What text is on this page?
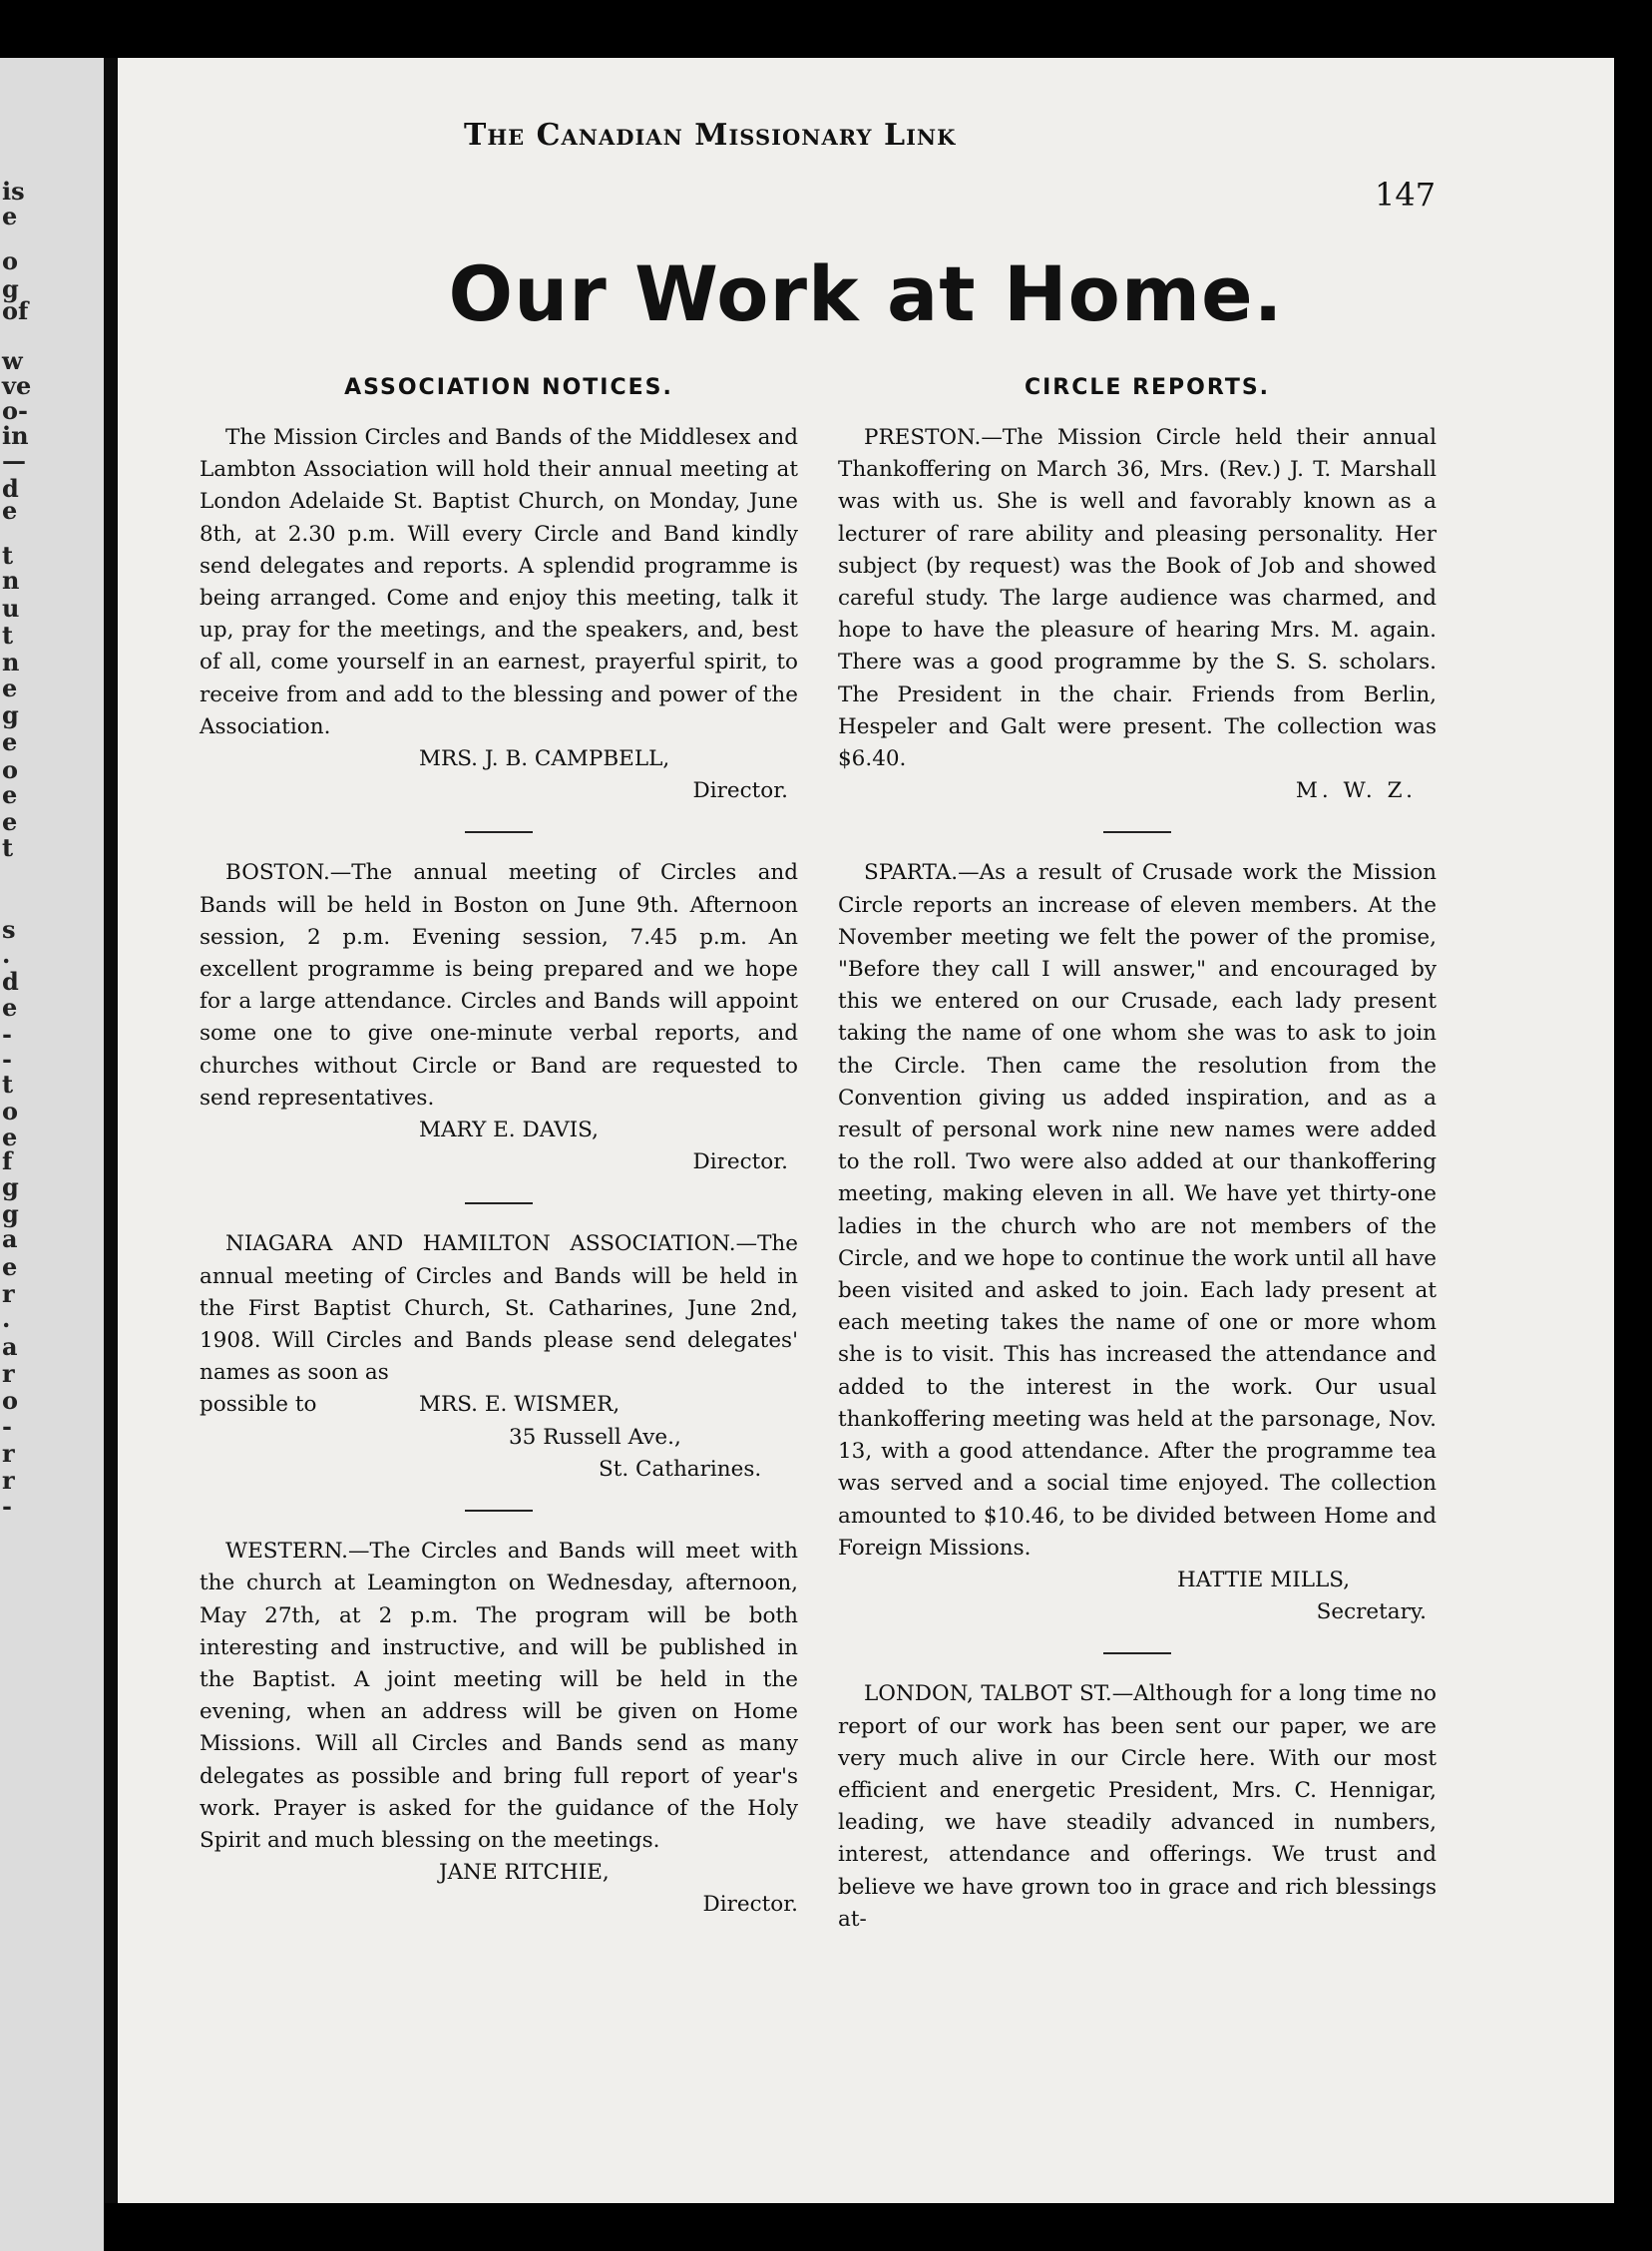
is
e
o
g
of
w
ve
o-
in
—
d
e
t
n
u
t
n
e
g
e
o
e
e
t
s
.
d
e
-
-
t
o
e
f
g
g
a
e
r
.
a
r
o
-
r
r
-
The Canadian Missionary Link
147
Our Work at Home.
ASSOCIATION NOTICES.

The Mission Circles and Bands of the Middlesex and Lambton Association will hold their annual meeting at London Adelaide St. Baptist Church, on Monday, June 8th, at 2.30 p.m. Will every Circle and Band kindly send delegates and reports. A splendid programme is being arranged. Come and enjoy this meeting, talk it up, pray for the meetings, and the speakers, and, best of all, come yourself in an earnest, prayerful spirit, to receive from and add to the blessing and power of the Association.

MRS. J. B. CAMPBELL,
Director.

BOSTON.—The annual meeting of Circles and Bands will be held in Boston on June 9th. Afternoon session, 2 p.m. Evening session, 7.45 p.m. An excellent programme is being prepared and we hope for a large attendance. Circles and Bands will appoint some one to give one-minute verbal reports, and churches without Circle or Band are requested to send representatives.

MARY E. DAVIS,
Director.

NIAGARA AND HAMILTON ASSOCIATION.—The annual meeting of Circles and Bands will be held in the First Baptist Church, St. Catharines, June 2nd, 1908. Will Circles and Bands please send delegates' names as soon as

possible to	MRS. E. WISMER,
35 Russell Ave.,
St. Catharines.

WESTERN.—The Circles and Bands will meet with the church at Leamington on Wednesday, afternoon, May 27th, at 2 p.m. The program will be both interesting and instructive, and will be published in the Baptist. A joint meeting will be held in the evening, when an address will be given on Home Missions. Will all Circles and Bands send as many delegates as possible and bring full report of year's work. Prayer is asked for the guidance of the Holy Spirit and much blessing on the meetings.

JANE RITCHIE,
Director.
CIRCLE REPORTS.

PRESTON.—The Mission Circle held their annual Thankoffering on March 36, Mrs. (Rev.) J. T. Marshall was with us. She is well and favorably known as a lecturer of rare ability and pleasing personality. Her subject (by request) was the Book of Job and showed careful study. The large audience was charmed, and hope to have the pleasure of hearing Mrs. M. again. There was a good programme by the S. S. scholars. The President in the chair. Friends from Berlin, Hespeler and Galt were present. The collection was $6.40.

M. W. Z.

SPARTA.—As a result of Crusade work the Mission Circle reports an increase of eleven members. At the November meeting we felt the power of the promise, "Before they call I will answer," and encouraged by this we entered on our Crusade, each lady present taking the name of one whom she was to ask to join the Circle. Then came the resolution from the Convention giving us added inspiration, and as a result of personal work nine new names were added to the roll. Two were also added at our thankoffering meeting, making eleven in all. We have yet thirty-one ladies in the church who are not members of the Circle, and we hope to continue the work until all have been visited and asked to join. Each lady present at each meeting takes the name of one or more whom she is to visit. This has increased the attendance and added to the interest in the work. Our usual thankoffering meeting was held at the parsonage, Nov. 13, with a good attendance. After the programme tea was served and a social time enjoyed. The collection amounted to $10.46, to be divided between Home and Foreign Missions.

HATTIE MILLS,
Secretary.

LONDON, TALBOT ST.—Although for a long time no report of our work has been sent our paper, we are very much alive in our Circle here. With our most efficient and energetic President, Mrs. C. Hennigar, leading, we have steadily advanced in numbers, interest, attendance and offerings. We trust and believe we have grown too in grace and rich blessings at-
